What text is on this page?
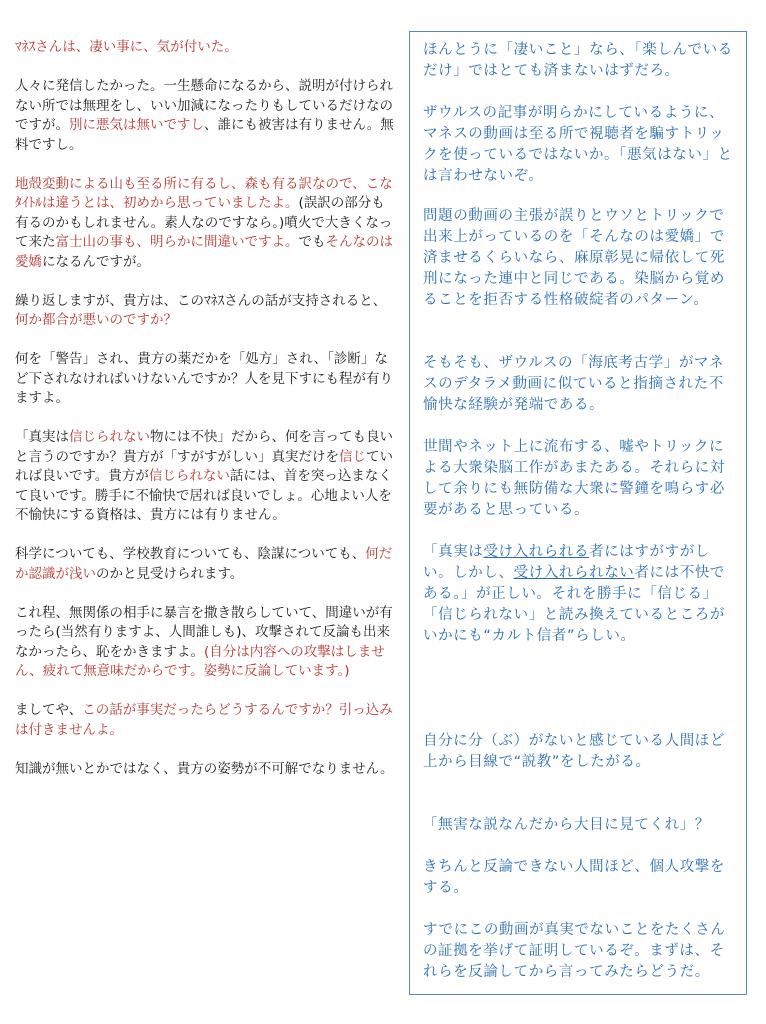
ﾏﾈｽさんは、凄い事に、気が付いた。

人々に発信したかった。一生懸命になるから、説明が付けられない所では無理をし、いい加減になったりもしているだけなのですが。別に悪気は無いですし、誰にも被害は有りません。無料ですし。

地殻変動による山も至る所に有るし、森も有る訳なので、こなﾀｲﾄﾙは違うとは、初めから思っていましたよ。(誤訳の部分も有るのかもしれません。素人なのですなら。)噴火で大きくなって来た富士山の事も、明らかに間違いですよ。でもそんなのは愛嬌になるんですが。

繰り返しますが、貴方は、このﾏﾈｽさんの話が支持されると、何か都合が悪いのですか？

何を「警告」され、貴方の薬だかを「処方」され、「診断」など下されなければいけないんですか？人を見下すにも程が有りますよ。

「真実は信じられない物には不快」だから、何を言っても良いと言うのですか？貴方が「すがすがしい」真実だけを信じていれば良いです。貴方が信じられない話には、首を突っ込まなくて良いです。勝手に不愉快で居れば良いでしょ。心地よい人を不愉快にする資格は、貴方には有りません。

科学についても、学校教育についても、陰謀についても、何だか認識が浅いのかと見受けられます。

これ程、無関係の相手に暴言を撒き散らしていて、間違いが有ったら(当然有りますよ、人間誰しも)、攻撃されて反論も出来なかったら、恥をかきますよ。(自分は内容への攻撃はしません、疲れて無意味だからです。姿勢に反論しています。)

ましてや、この話が事実だったらどうするんですか？引っ込みは付きませんよ。

知識が無いとかではなく、貴方の姿勢が不可解でなりません。

ほんとうに「凄いこと」なら、「楽しんでいるだけ」ではとても済まないはずだろ。

ザウルスの記事が明らかにしているように、マネスの動画は至る所で視聴者を騙すトリックを使っているではないか。「悪気はない」とは言わせないぞ。

問題の動画の主張が誤りとウソとトリックで出来上がっているのを「そんなのは愛嬌」で済ませるくらいなら、麻原彰晃に帰依して死刑になった連中と同じである。染脳から覚めることを拒否する性格破綻者のパターン。

そもそも、ザウルスの「海底考古学」がマネスのデタラメ動画に似ていると指摘された不愉快な経験が発端である。

世間やネット上に流布する、嘘やトリックによる大衆染脳工作があまたある。それらに対して余りにも無防備な大衆に警鐘を鳴らす必要があると思っている。

「真実は受け入れられる者にはすがすがしい。しかし、受け入れられない者には不快である。」が正しい。それを勝手に「信じる」「信じられない」と読み換えているところがいかにも“カルト信者”らしい。

自分に分（ぶ）がないと感じている人間ほど上から目線で“説教”をしたがる。

「無害な説なんだから大目に見てくれ」？

きちんと反論できない人間ほど、個人攻撃をする。

すでにこの動画が真実でないことをたくさんの証拠を挙げて証明しているぞ。まずは、それらを反論してから言ってみたらどうだ。
